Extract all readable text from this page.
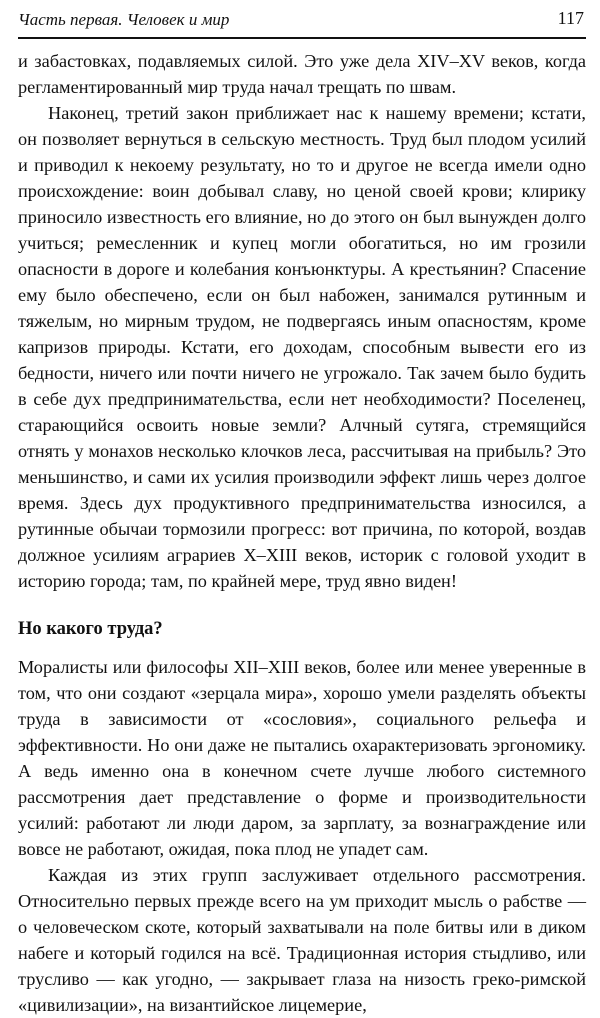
Часть первая. Человек и мир	117

и забастовках, подавляемых силой. Это уже дела XIV–XV веков, когда регламентированный мир труда начал трещать по швам.

Наконец, третий закон приближает нас к нашему времени; кстати, он позволяет вернуться в сельскую местность. Труд был плодом усилий и приводил к некоему результату, но то и другое не всегда имели одно происхождение: воин добывал славу, но ценой своей крови; клирику приносило известность его влияние, но до этого он был вынужден долго учиться; ремесленник и купец могли обогатиться, но им грозили опасности в дороге и колебания конъюнктуры. А крестьянин? Спасение ему было обеспечено, если он был набожен, занимался рутинным и тяжелым, но мирным трудом, не подвергаясь иным опасностям, кроме капризов природы. Кстати, его доходам, способным вывести его из бедности, ничего или почти ничего не угрожало. Так зачем было будить в себе дух предпринимательства, если нет необходимости? Поселенец, старающийся освоить новые земли? Алчный сутяга, стремящийся отнять у монахов несколько клочков леса, рассчитывая на прибыль? Это меньшинство, и сами их усилия производили эффект лишь через долгое время. Здесь дух продуктивного предпринимательства износился, а рутинные обычаи тормозили прогресс: вот причина, по которой, воздав должное усилиям аграриев X–XIII веков, историк с головой уходит в историю города; там, по крайней мере, труд явно виден!

Но какого труда?

Моралисты или философы XII–XIII веков, более или менее уверенные в том, что они создают «зерцала мира», хорошо умели разделять объекты труда в зависимости от «сословия», социального рельефа и эффективности. Но они даже не пытались охарактеризовать эргономику. А ведь именно она в конечном счете лучше любого системного рассмотрения дает представление о форме и производительности усилий: работают ли люди даром, за зарплату, за вознаграждение или вовсе не работают, ожидая, пока плод не упадет сам.

Каждая из этих групп заслуживает отдельного рассмотрения. Относительно первых прежде всего на ум приходит мысль о рабстве — о человеческом скоте, который захватывали на поле битвы или в диком набеге и который годился на всё. Традиционная история стыдливо, или трусливо — как угодно, — закрывает глаза на низость греко-римской «цивилизации», на византийское лицемерие,
